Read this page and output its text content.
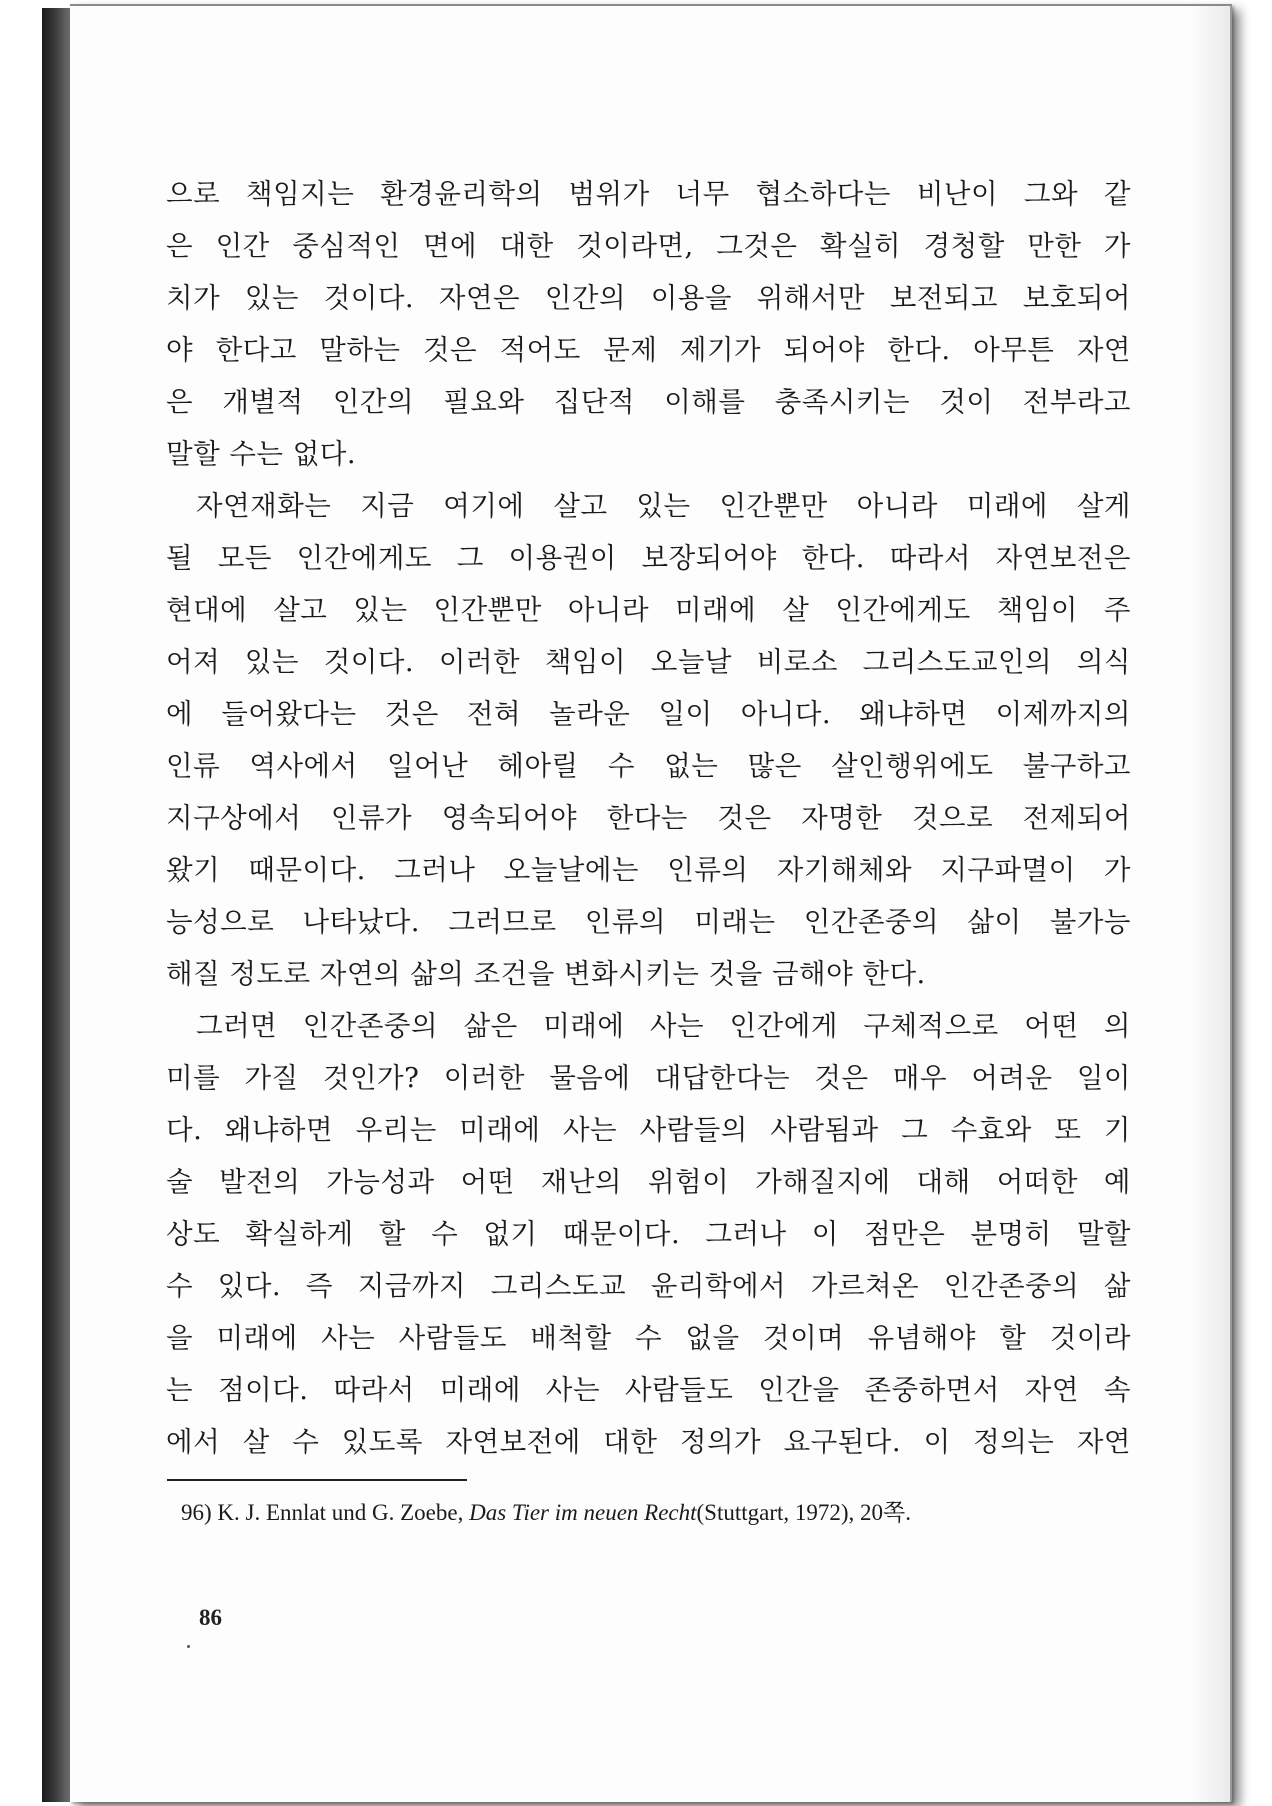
으로 책임지는 환경윤리학의 범위가 너무 협소하다는 비난이 그와 같
은 인간 중심적인 면에 대한 것이라면, 그것은 확실히 경청할 만한 가
치가 있는 것이다. 자연은 인간의 이용을 위해서만 보전되고 보호되어
야 한다고 말하는 것은 적어도 문제 제기가 되어야 한다. 아무튼 자연
은 개별적 인간의 필요와 집단적 이해를 충족시키는 것이 전부라고
말할 수는 없다.
자연재화는 지금 여기에 살고 있는 인간뿐만 아니라 미래에 살게
될 모든 인간에게도 그 이용권이 보장되어야 한다. 따라서 자연보전은
현대에 살고 있는 인간뿐만 아니라 미래에 살 인간에게도 책임이 주
어져 있는 것이다. 이러한 책임이 오늘날 비로소 그리스도교인의 의식
에 들어왔다는 것은 전혀 놀라운 일이 아니다. 왜냐하면 이제까지의
인류 역사에서 일어난 헤아릴 수 없는 많은 살인행위에도 불구하고
지구상에서 인류가 영속되어야 한다는 것은 자명한 것으로 전제되어
왔기 때문이다. 그러나 오늘날에는 인류의 자기해체와 지구파멸이 가
능성으로 나타났다. 그러므로 인류의 미래는 인간존중의 삶이 불가능
해질 정도로 자연의 삶의 조건을 변화시키는 것을 금해야 한다.
그러면 인간존중의 삶은 미래에 사는 인간에게 구체적으로 어떤 의
미를 가질 것인가? 이러한 물음에 대답한다는 것은 매우 어려운 일이
다. 왜냐하면 우리는 미래에 사는 사람들의 사람됨과 그 수효와 또 기
술 발전의 가능성과 어떤 재난의 위험이 가해질지에 대해 어떠한 예
상도 확실하게 할 수 없기 때문이다. 그러나 이 점만은 분명히 말할
수 있다. 즉 지금까지 그리스도교 윤리학에서 가르쳐온 인간존중의 삶
을 미래에 사는 사람들도 배척할 수 없을 것이며 유념해야 할 것이라
는 점이다. 따라서 미래에 사는 사람들도 인간을 존중하면서 자연 속
에서 살 수 있도록 자연보전에 대한 정의가 요구된다. 이 정의는 자연
96) K. J. Ennlat und G. Zoebe, Das Tier im neuen Recht(Stuttgart, 1972), 20쪽.
86
